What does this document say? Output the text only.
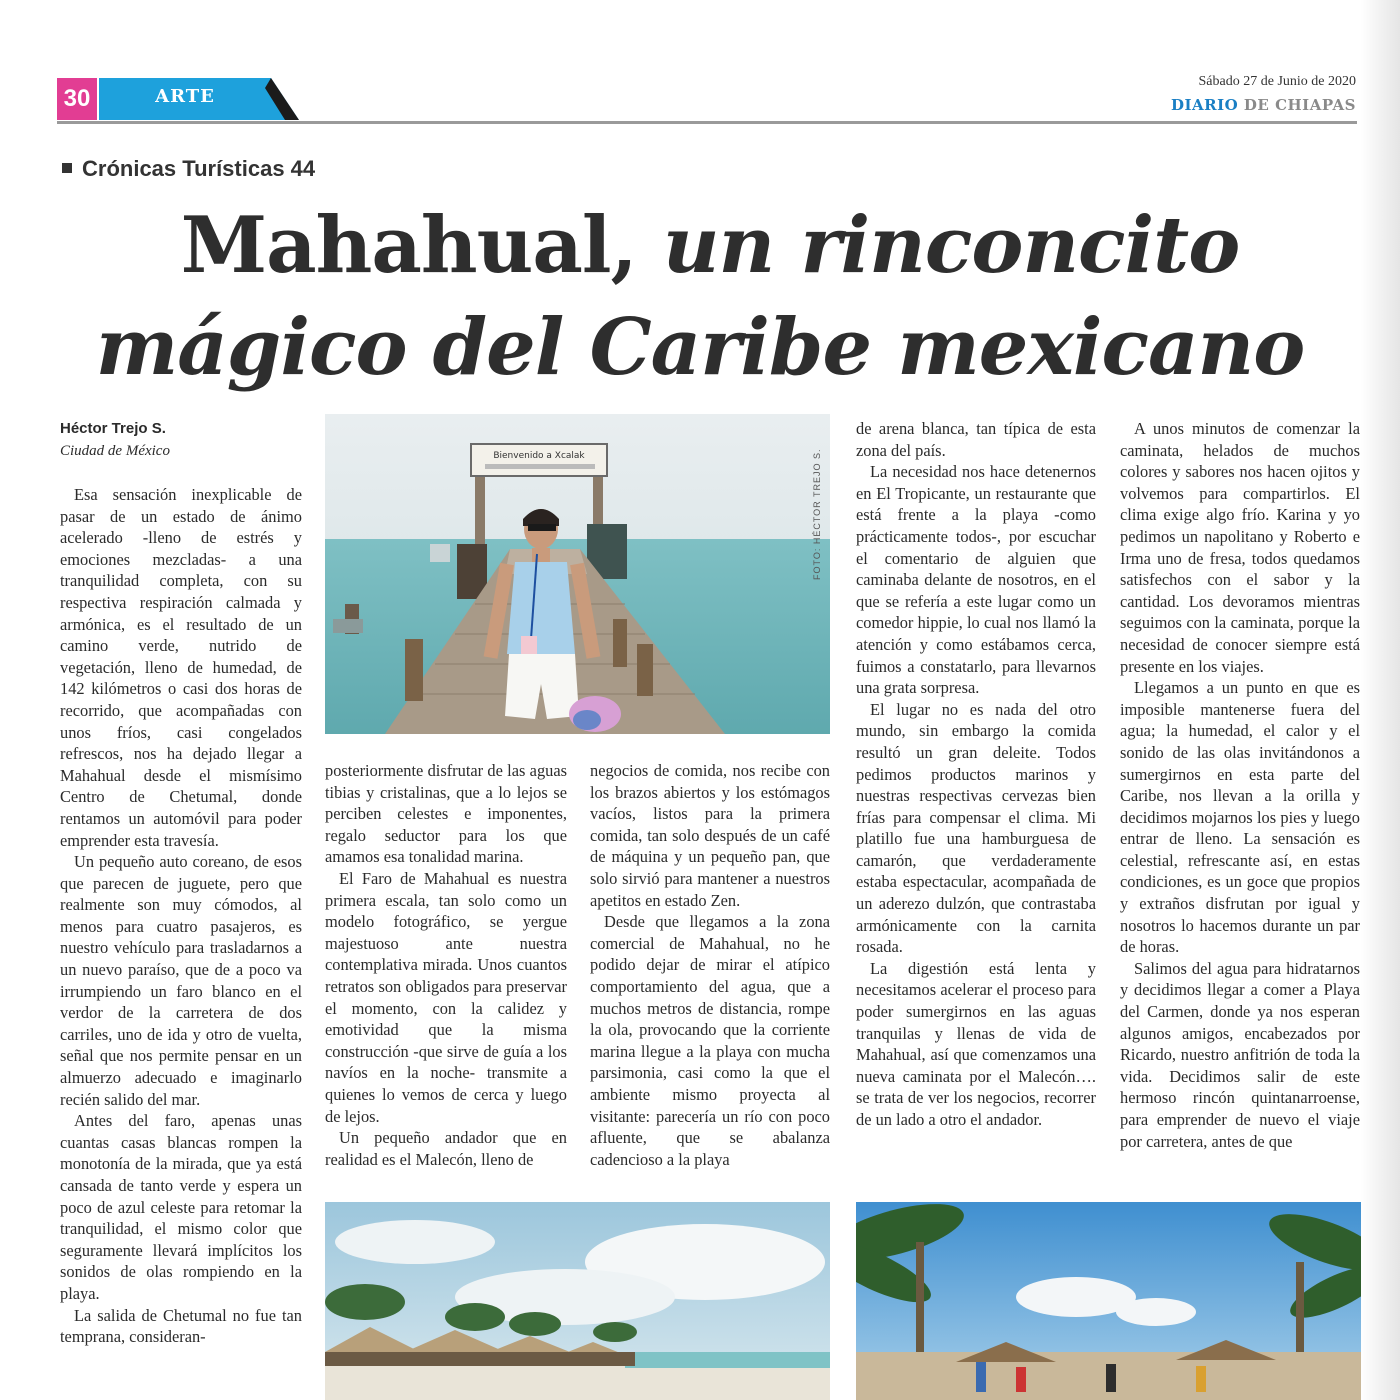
30	ARTE
Sábado 27 de Junio de 2020
DIARIO DE CHIAPAS
Crónicas Turísticas 44
Mahahual, un rinconcito
mágico del Caribe mexicano
Héctor Trejo S.
Ciudad de México

Esa sensación inexplicable de pasar de un estado de ánimo acelerado -lleno de estrés y emociones mezcladas- a una tranquilidad completa, con su respectiva respiración calmada y armónica, es el resultado de un camino verde, nutrido de vegetación, lleno de humedad, de 142 kilómetros o casi dos horas de recorrido, que acompañadas con unos fríos, casi congelados refrescos, nos ha dejado llegar a Mahahual desde el mismísimo Centro de Chetumal, donde rentamos un automóvil para poder emprender esta travesía.

Un pequeño auto coreano, de esos que parecen de juguete, pero que realmente son muy cómodos, al menos para cuatro pasajeros, es nuestro vehículo para trasladarnos a un nuevo paraíso, que de a poco va irrumpiendo un faro blanco en el verdor de la carretera de dos carriles, uno de ida y otro de vuelta, señal que nos permite pensar en un almuerzo adecuado e imaginarlo recién salido del mar.

Antes del faro, apenas unas cuantas casas blancas rompen la monotonía de la mirada, que ya está cansada de tanto verde y espera un poco de azul celeste para retomar la tranquilidad, el mismo color que seguramente llevará implícitos los sonidos de olas rompiendo en la playa.

La salida de Chetumal no fue tan temprana, consideran-

Bienvenido a Xcalak	FOTO: HÉCTOR TREJO S.

posteriormente disfrutar de las aguas tibias y cristalinas, que a lo lejos se perciben celestes e imponentes, regalo seductor para los que amamos esa tonalidad marina.

El Faro de Mahahual es nuestra primera escala, tan solo como un modelo fotográfico, se yergue majestuoso ante nuestra contemplativa mirada. Unos cuantos retratos son obligados para preservar el momento, con la calidez y emotividad que la misma construcción -que sirve de guía a los navíos en la noche- transmite a quienes lo vemos de cerca y luego de lejos.

Un pequeño andador que en realidad es el Malecón, lleno de

negocios de comida, nos recibe con los brazos abiertos y los estómagos vacíos, listos para la primera comida, tan solo después de un café de máquina y un pequeño pan, que solo sirvió para mantener a nuestros apetitos en estado Zen.

Desde que llegamos a la zona comercial de Mahahual, no he podido dejar de mirar el atípico comportamiento del agua, que a muchos metros de distancia, rompe la ola, provocando que la corriente marina llegue a la playa con mucha parsimonia, casi como la que el ambiente mismo proyecta al visitante: parecería un río con poco afluente, que se abalanza cadencioso a la playa

de arena blanca, tan típica de esta zona del país.

La necesidad nos hace detenernos en El Tropicante, un restaurante que está frente a la playa -como prácticamente todos-, por escuchar el comentario de alguien que caminaba delante de nosotros, en el que se refería a este lugar como un comedor hippie, lo cual nos llamó la atención y como estábamos cerca, fuimos a constatarlo, para llevarnos una grata sorpresa.

El lugar no es nada del otro mundo, sin embargo la comida resultó un gran deleite. Todos pedimos productos marinos y nuestras respectivas cervezas bien frías para compensar el clima. Mi platillo fue una hamburguesa de camarón, que verdaderamente estaba espectacular, acompañada de un aderezo dulzón, que contrastaba armónicamente con la carnita rosada.

La digestión está lenta y necesitamos acelerar el proceso para poder sumergirnos en las aguas tranquilas y llenas de vida de Mahahual, así que comenzamos una nueva caminata por el Malecón…. se trata de ver los negocios, recorrer de un lado a otro el andador.

A unos minutos de comenzar la caminata, helados de muchos colores y sabores nos hacen ojitos y volvemos para compartirlos. El clima exige algo frío. Karina y yo pedimos un napolitano y Roberto e Irma uno de fresa, todos quedamos satisfechos con el sabor y la cantidad. Los devoramos mientras seguimos con la caminata, porque la necesidad de conocer siempre está presente en los viajes.

Llegamos a un punto en que es imposible mantenerse fuera del agua; la humedad, el calor y el sonido de las olas invitándonos a sumergirnos en esta parte del Caribe, nos llevan a la orilla y decidimos mojarnos los pies y luego entrar de lleno. La sensación es celestial, refrescante así, en estas condiciones, es un goce que propios y extraños disfrutan por igual y nosotros lo hacemos durante un par de horas.

Salimos del agua para hidratarnos y decidimos llegar a comer a Playa del Carmen, donde ya nos esperan algunos amigos, encabezados por Ricardo, nuestro anfitrión de toda la vida. Decidimos salir de este hermoso rincón quintanarroense, para emprender de nuevo el viaje por carretera, antes de que
